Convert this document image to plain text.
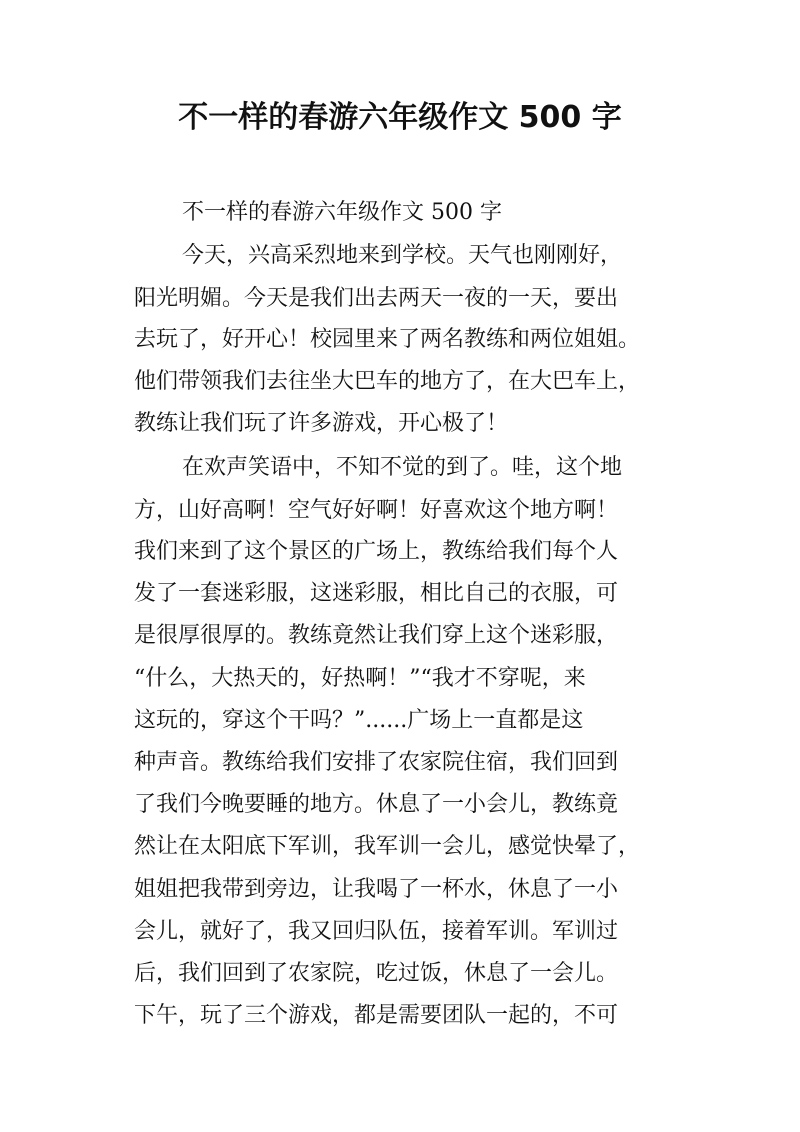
不一样的春游六年级作文 500 字
不一样的春游六年级作文 500 字
今天，兴高采烈地来到学校。天气也刚刚好，
阳光明媚。今天是我们出去两天一夜的一天，要出
去玩了，好开心！校园里来了两名教练和两位姐姐。
他们带领我们去往坐大巴车的地方了，在大巴车上，
教练让我们玩了许多游戏，开心极了！
在欢声笑语中，不知不觉的到了。哇，这个地
方，山好高啊！空气好好啊！好喜欢这个地方啊！
我们来到了这个景区的广场上，教练给我们每个人
发了一套迷彩服，这迷彩服，相比自己的衣服，可
是很厚很厚的。教练竟然让我们穿上这个迷彩服，
“什么，大热天的，好热啊！”“我才不穿呢，来
这玩的，穿这个干吗？”......广场上一直都是这
种声音。教练给我们安排了农家院住宿，我们回到
了我们今晚要睡的地方。休息了一小会儿，教练竟
然让在太阳底下军训，我军训一会儿，感觉快晕了，
姐姐把我带到旁边，让我喝了一杯水，休息了一小
会儿，就好了，我又回归队伍，接着军训。军训过
后，我们回到了农家院，吃过饭，休息了一会儿。
下午，玩了三个游戏，都是需要团队一起的，不可
